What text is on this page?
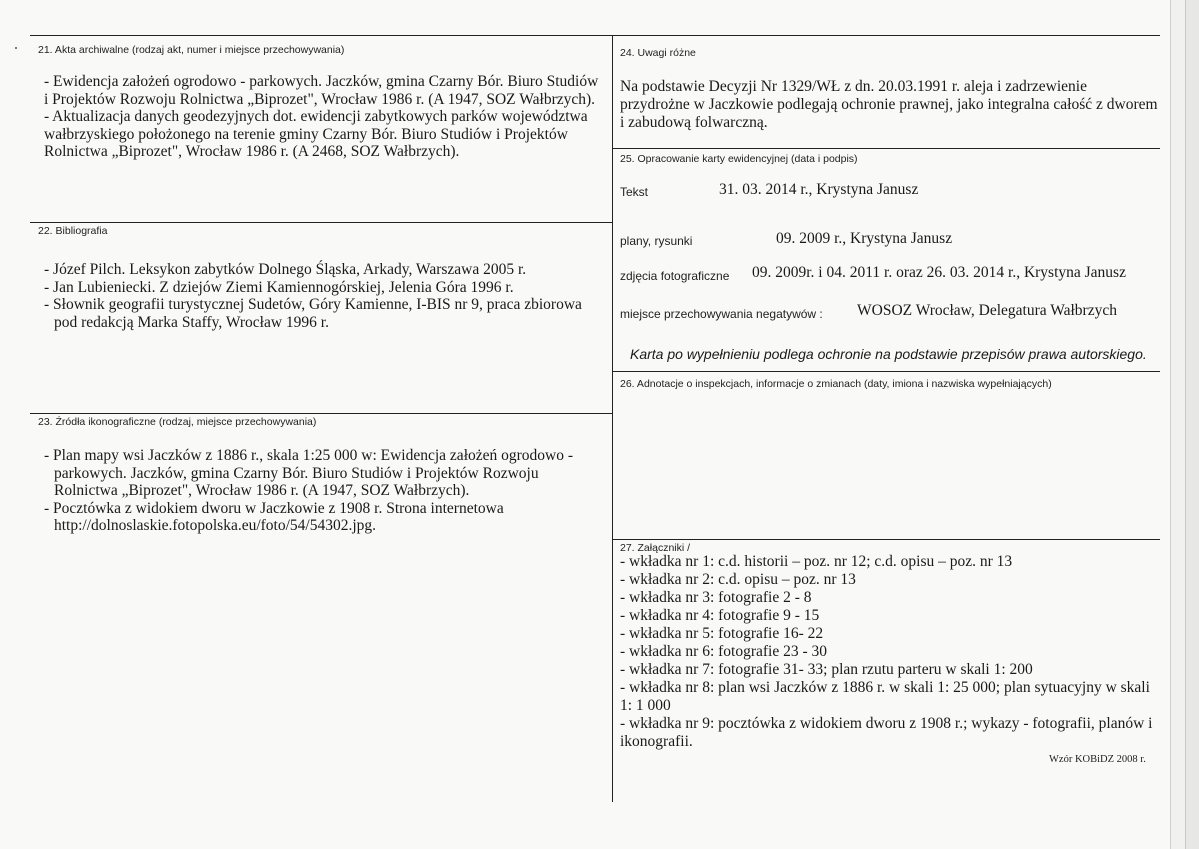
21. Akta archiwalne (rodzaj akt, numer i miejsce przechowywania)
- Ewidencja założeń ogrodowo - parkowych. Jaczków, gmina Czarny Bór. Biuro Studiów
i Projektów Rozwoju Rolnictwa „Biprozet", Wrocław 1986 r. (A 1947, SOZ Wałbrzych).
- Aktualizacja danych geodezyjnych dot. ewidencji zabytkowych parków województwa
wałbrzyskiego położonego na terenie gminy Czarny Bór. Biuro Studiów i Projektów
Rolnictwa „Biprozet", Wrocław 1986 r. (A 2468, SOZ Wałbrzych).
22. Bibliografia
- Józef Pilch. Leksykon zabytków Dolnego Śląska, Arkady, Warszawa 2005 r.
- Jan Lubieniecki. Z dziejów Ziemi Kamiennogórskiej, Jelenia Góra 1996 r.
- Słownik geografii turystycznej Sudetów, Góry Kamienne, I-BIS nr 9, praca zbiorowa
pod redakcją Marka Staffy, Wrocław 1996 r.
23. Źródła ikonograficzne (rodzaj, miejsce przechowywania)
- Plan mapy wsi Jaczków z 1886 r., skala 1:25 000 w: Ewidencja założeń ogrodowo -
parkowych. Jaczków, gmina Czarny Bór. Biuro Studiów i Projektów Rozwoju
Rolnictwa „Biprozet", Wrocław 1986 r. (A 1947, SOZ Wałbrzych).
- Pocztówka z widokiem dworu w Jaczkowie z 1908 r. Strona internetowa
http://dolnoslaskie.fotopolska.eu/foto/54/54302.jpg.
24. Uwagi różne
Na podstawie Decyzji Nr 1329/WŁ z dn. 20.03.1991 r. aleja i zadrzewienie
przydrożne w Jaczkowie podlegają ochronie prawnej, jako integralna całość z dworem
i zabudową folwarczną.
25. Opracowanie karty ewidencyjnej (data i podpis)
Tekst	31. 03. 2014 r., Krystyna Janusz
plany, rysunki	09. 2009 r., Krystyna Janusz
zdjęcia fotograficzne 09. 2009r. i 04. 2011 r. oraz 26. 03. 2014 r., Krystyna Janusz
miejsce przechowywania negatywów : WOSOZ Wrocław, Delegatura Wałbrzych
Karta po wypełnieniu podlega ochronie na podstawie przepisów prawa autorskiego.
26. Adnotacje o inspekcjach, informacje o zmianach (daty, imiona i nazwiska wypełniających)
27. Załączniki /
- wkładka nr 1: c.d. historii – poz. nr 12; c.d. opisu – poz. nr 13
- wkładka nr 2: c.d. opisu – poz. nr 13
- wkładka nr 3: fotografie 2 - 8
- wkładka nr 4: fotografie 9 - 15
- wkładka nr 5: fotografie 16- 22
- wkładka nr 6: fotografie 23 - 30
- wkładka nr 7: fotografie 31- 33; plan rzutu parteru w skali 1: 200
- wkładka nr 8: plan wsi Jaczków z 1886 r. w skali 1: 25 000; plan sytuacyjny w skali
1: 1 000
- wkładka nr 9: pocztówka z widokiem dworu z 1908 r.; wykazy - fotografii, planów i
ikonografii.
Wzór KOBiDZ 2008 r.
